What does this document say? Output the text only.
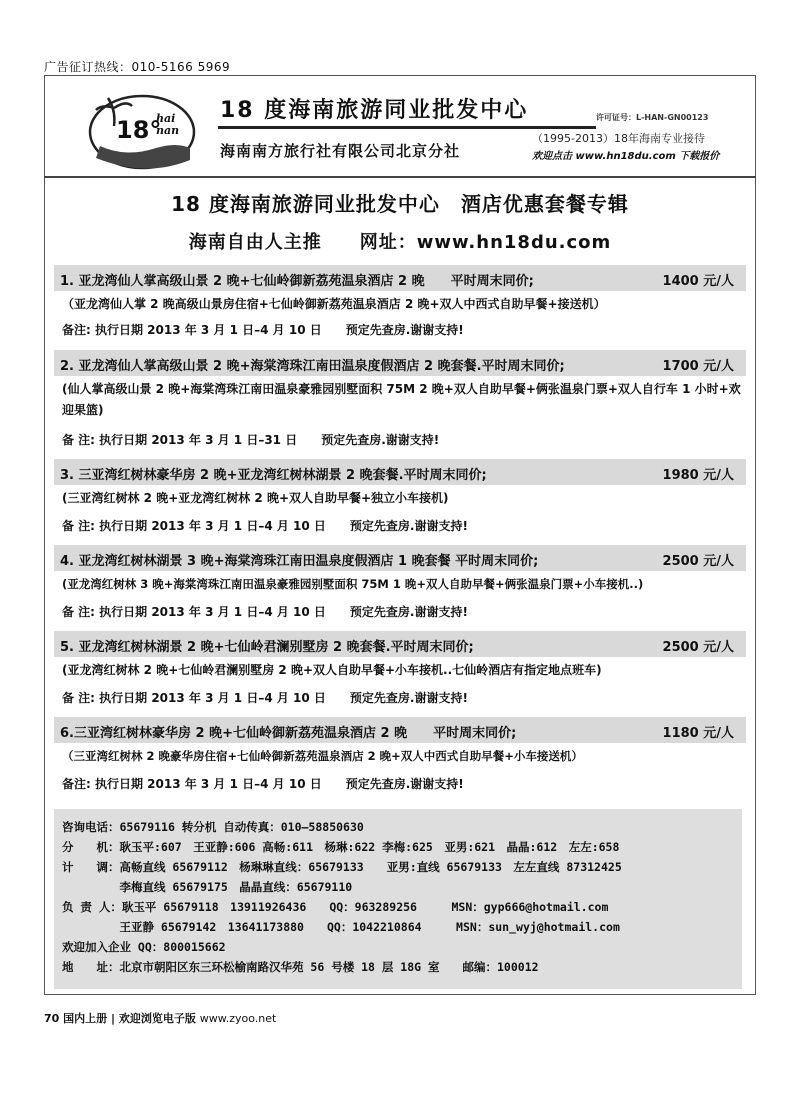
广告征订热线：010-5166 5969
18°
hai
nan
18 度海南旅游同业批发中心	许可证号：L-HAN-GN00123
（1995-2013）18年海南专业接待
海南南方旅行社有限公司北京分社	欢迎点击 www.hn18du.com 下载报价
18 度海南旅游同业批发中心　酒店优惠套餐专辑
海南自由人主推　　网址：www.hn18du.com
1. 亚龙湾仙人掌高级山景 2 晚+七仙岭御新荔苑温泉酒店 2 晚　　平时周末同价;	1400 元/人
（亚龙湾仙人掌 2 晚高级山景房住宿+七仙岭御新荔苑温泉酒店 2 晚+双人中西式自助早餐+接送机）
备注: 执行日期 2013 年 3 月 1 日–4 月 10 日　　预定先查房.谢谢支持!
2. 亚龙湾仙人掌高级山景 2 晚+海棠湾珠江南田温泉度假酒店 2 晚套餐.平时周末同价;	1700 元/人
(仙人掌高级山景 2 晚+海棠湾珠江南田温泉豪雅园别墅面积 75M 2 晚+双人自助早餐+俩张温泉门票+双人自行车 1 小时+欢迎果篮)
备 注: 执行日期 2013 年 3 月 1 日–31 日　　预定先查房.谢谢支持!
3. 三亚湾红树林豪华房 2 晚+亚龙湾红树林湖景 2 晚套餐.平时周末同价;	1980 元/人
(三亚湾红树林 2 晚+亚龙湾红树林 2 晚+双人自助早餐+独立小车接机)
备 注: 执行日期 2013 年 3 月 1 日–4 月 10 日　　预定先查房.谢谢支持!
4. 亚龙湾红树林湖景 3 晚+海棠湾珠江南田温泉度假酒店 1 晚套餐 平时周末同价;	2500 元/人
(亚龙湾红树林 3 晚+海棠湾珠江南田温泉豪雅园别墅面积 75M 1 晚+双人自助早餐+俩张温泉门票+小车接机..)
备 注: 执行日期 2013 年 3 月 1 日–4 月 10 日　　预定先查房.谢谢支持!
5. 亚龙湾红树林湖景 2 晚+七仙岭君澜别墅房 2 晚套餐.平时周末同价;	2500 元/人
(亚龙湾红树林 2 晚+七仙岭君澜别墅房 2 晚+双人自助早餐+小车接机..七仙岭酒店有指定地点班车)
备 注: 执行日期 2013 年 3 月 1 日–4 月 10 日　　预定先查房.谢谢支持!
6.三亚湾红树林豪华房 2 晚+七仙岭御新荔苑温泉酒店 2 晚　　平时周末同价;	1180 元/人
（三亚湾红树林 2 晚豪华房住宿+七仙岭御新荔苑温泉酒店 2 晚+双人中西式自助早餐+小车接送机）
备注: 执行日期 2013 年 3 月 1 日–4 月 10 日　　预定先查房.谢谢支持!
咨询电话：65679116 转分机 自动传真：010—58850630
分　　机：耿玉平:607　王亚静:606 高畅:611　杨琳:622 李梅:625　亚男:621　晶晶:612　左左:658
计　　调：高畅直线 65679112　杨琳琳直线：65679133　　亚男:直线 65679133　左左直线 87312425
　　　　　李梅直线 65679175　晶晶直线：65679110
负 责 人：耿玉平 65679118　13911926436　　QQ：963289256　　　MSN：gyp666@hotmail.com
　　　　　王亚静 65679142　13641173880　　QQ：1042210864　　　MSN：sun_wyj@hotmail.com
欢迎加入企业 QQ：800015662
地　　址：北京市朝阳区东三环松榆南路汉华苑 56 号楼 18 层 18G 室　　邮编：100012
70 国内上册 | 欢迎浏览电子版 www.zyoo.net
